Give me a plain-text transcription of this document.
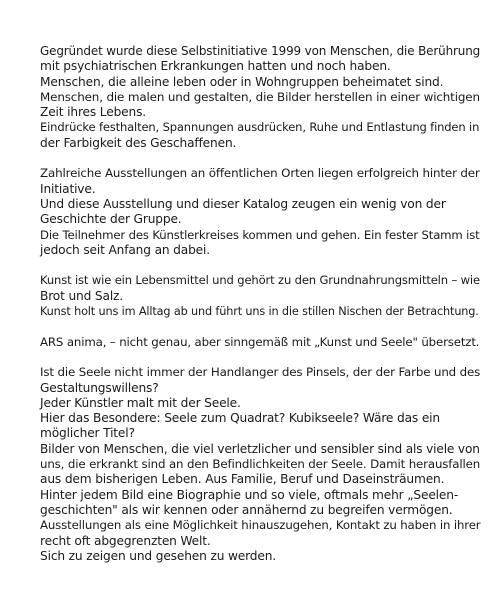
Gegründet wurde diese Selbstinitiative 1999 von Menschen, die Berührung
mit psychiatrischen Erkrankungen hatten und noch haben.
Menschen, die alleine leben oder in Wohngruppen beheimatet sind.
Menschen, die malen und gestalten, die Bilder herstellen in einer wichtigen
Zeit ihres Lebens.
Eindrücke festhalten, Spannungen ausdrücken, Ruhe und Entlastung finden in
der Farbigkeit des Geschaffenen.
Zahlreiche Ausstellungen an öffentlichen Orten liegen erfolgreich hinter der
Initiative.
Und diese Ausstellung und dieser Katalog zeugen ein wenig von der
Geschichte der Gruppe.
Die Teilnehmer des Künstlerkreises kommen und gehen. Ein fester Stamm ist
jedoch seit Anfang an dabei.
Kunst ist wie ein Lebensmittel und gehört zu den Grundnahrungsmitteln – wie
Brot und Salz.
Kunst holt uns im Alltag ab und führt uns in die stillen Nischen der Betrachtung.
ARS anima, – nicht genau, aber sinngemäß mit „Kunst und Seele" übersetzt.
Ist die Seele nicht immer der Handlanger des Pinsels, der der Farbe und des
Gestaltungswillens?
Jeder Künstler malt mit der Seele.
Hier das Besondere: Seele zum Quadrat? Kubikseele? Wäre das ein
möglicher Titel?
Bilder von Menschen, die viel verletzlicher und sensibler sind als viele von
uns, die erkrankt sind an den Befindlichkeiten der Seele. Damit herausfallen
aus dem bisherigen Leben. Aus Familie, Beruf und Daseinsträumen.
Hinter jedem Bild eine Biographie und so viele, oftmals mehr „Seelen-
geschichten" als wir kennen oder annähernd zu begreifen vermögen.
Ausstellungen als eine Möglichkeit hinauszugehen, Kontakt zu haben in ihrer
recht oft abgegrenzten Welt.
Sich zu zeigen und gesehen zu werden.
